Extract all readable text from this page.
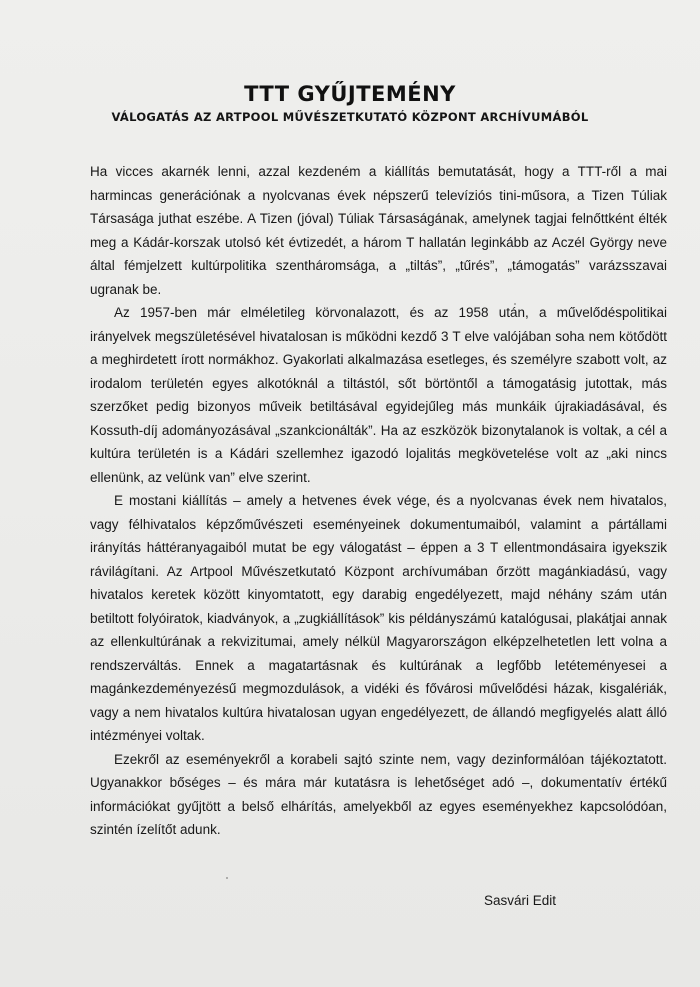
TTT GYŰJTEMÉNY
VÁLOGATÁS AZ ARTPOOL MŰVÉSZETKUTATÓ KÖZPONT ARCHÍVUMÁBÓL

Ha vicces akarnék lenni, azzal kezdeném a kiállítás bemutatását, hogy a TTT-ről a mai harmincas generációnak a nyolcvanas évek népszerű televíziós tini-műsora, a Tizen Túliak Társasága juthat eszébe. A Tizen (jóval) Túliak Társaságának, amelynek tagjai felnőttként élték meg a Kádár-korszak utolsó két évtizedét, a három T hallatán leginkább az Aczél György neve által fémjelzett kultúrpolitika szentháromsága, a „tiltás”, „tűrés”, „támogatás” varázsszavai ugranak be.

Az 1957-ben már elméletileg körvonalazott, és az 1958 után, a művelődéspolitikai irányelvek megszületésével hivatalosan is működni kezdő 3 T elve valójában soha nem kötődött a meghirdetett írott normákhoz. Gyakorlati alkalmazása esetleges, és személyre szabott volt, az irodalom területén egyes alkotóknál a tiltástól, sőt börtöntől a támogatásig jutottak, más szerzőket pedig bizonyos műveik betiltásával egyidejűleg más munkáik újrakiadásával, és Kossuth-díj adományozásával „szankcionálták”. Ha az eszközök bizonytalanok is voltak, a cél a kultúra területén is a Kádári szellemhez igazodó lojalitás megkövetelése volt az „aki nincs ellenünk, az velünk van” elve szerint.

E mostani kiállítás – amely a hetvenes évek vége, és a nyolcvanas évek nem hivatalos, vagy félhivatalos képzőművészeti eseményeinek dokumentumaiból, valamint a pártállami irányítás háttéranyagaiból mutat be egy válogatást – éppen a 3 T ellentmondásaira igyekszik rávilágítani. Az Artpool Művészetkutató Központ archívumában őrzött magánkiadású, vagy hivatalos keretek között kinyomtatott, egy darabig engedélyezett, majd néhány szám után betiltott folyóiratok, kiadványok, a „zugkiállítások” kis példányszámú katalógusai, plakátjai annak az ellenkultúrának a rekvizitumai, amely nélkül Magyarországon elképzelhetetlen lett volna a rendszerváltás. Ennek a magatartásnak és kultúrának a legfőbb letéteményesei a magánkezdeményezésű megmozdulások, a vidéki és fővárosi művelődési házak, kisgalériák, vagy a nem hivatalos kultúra hivatalosan ugyan engedélyezett, de állandó megfigyelés alatt álló intézményei voltak.

Ezekről az eseményekről a korabeli sajtó szinte nem, vagy dezinformálóan tájékoztatott. Ugyanakkor bőséges – és mára már kutatásra is lehetőséget adó –, dokumentatív értékű információkat gyűjtött a belső elhárítás, amelyekből az egyes eseményekhez kapcsolódóan, szintén ízelítőt adunk.

Sasvári Edit
